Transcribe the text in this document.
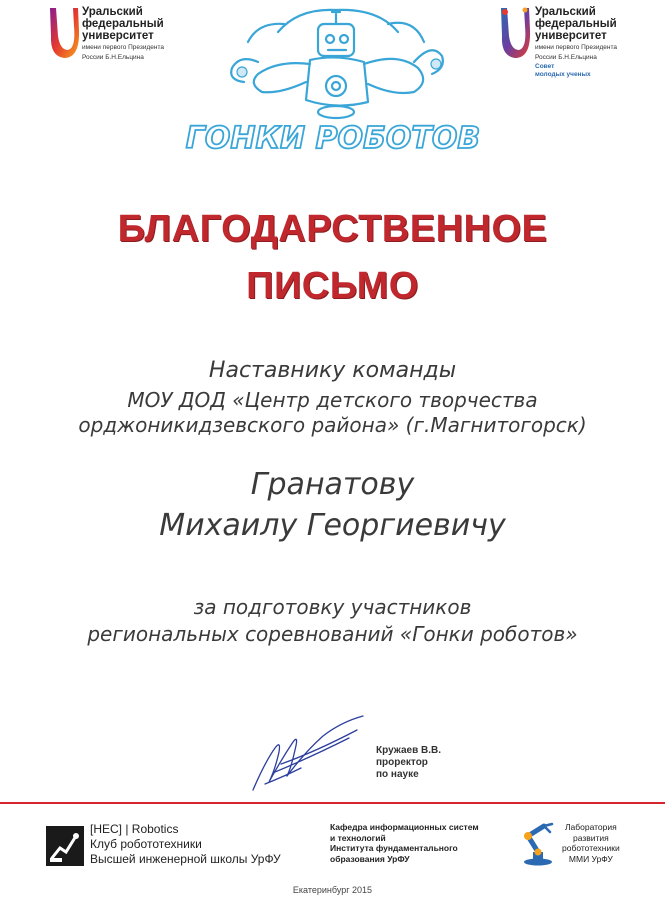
Уральский
федеральный
университет
имени первого Президента
России Б.Н.Ельцина
ГОНКИ РОБОТОВ
Уральский
федеральный
университет
имени первого Президента
России Б.Н.Ельцина
Совет
молодых ученых
БЛАГОДАРСТВЕННОЕ
ПИСЬМО
Наставнику команды
МОУ ДОД «Центр детского творчества
орджоникидзевского района» (г.Магнитогорск)
Гранатову
Михаилу Георгиевичу
за подготовку участников
региональных соревнований «Гонки роботов»
Кружаев В.В.
проректор
по науке
[HEC] | Robotics
Клуб робототехники
Высшей инженерной школы УрФУ
Кафедра информационных систем
и технологий
Института фундаментального
образования УрФУ
Лаборатория
развития
робототехники
ММИ УрФУ
Екатеринбург 2015
